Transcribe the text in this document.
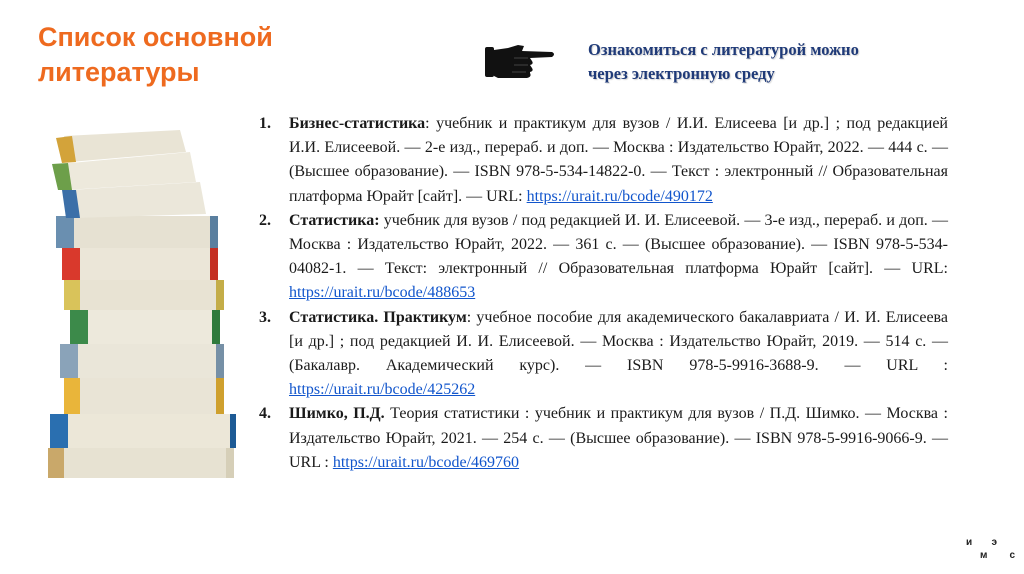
Список основной
литературы
Ознакомиться с литературой можно
через электронную среду
1. Бизнес-статистика: учебник и практикум для вузов / И.И. Елисеева [и др.] ; под редакцией И.И. Елисеевой. — 2-е изд., перераб. и доп. — Москва : Издательство Юрайт, 2022. — 444 с. — (Высшее образование). — ISBN 978-5-534-14822-0. — Текст : электронный // Образовательная платформа Юрайт [сайт]. — URL: https://urait.ru/bcode/490172
2. Статистика: учебник для вузов / под редакцией И. И. Елисеевой. — 3-е изд., перераб. и доп. — Москва : Издательство Юрайт, 2022. — 361 с. — (Высшее образование). — ISBN 978-5-534-04082-1. — Текст: электронный // Образовательная платформа Юрайт [сайт]. — URL: https://urait.ru/bcode/488653
3. Статистика. Практикум: учебное пособие для академического бакалавриата / И. И. Елисеева [и др.] ; под редакцией И. И. Елисеевой. — Москва : Издательство Юрайт, 2019. — 514 с. — (Бакалавр. Академический курс). — ISBN 978-5-9916-3688-9. — URL : https://urait.ru/bcode/425262
4. Шимко, П.Д. Теория статистики : учебник и практикум для вузов / П.Д. Шимко. — Москва : Издательство Юрайт, 2021. — 254 с. — (Высшее образование). — ISBN 978-5-9916-9066-9. — URL : https://urait.ru/bcode/469760
и э
м с
